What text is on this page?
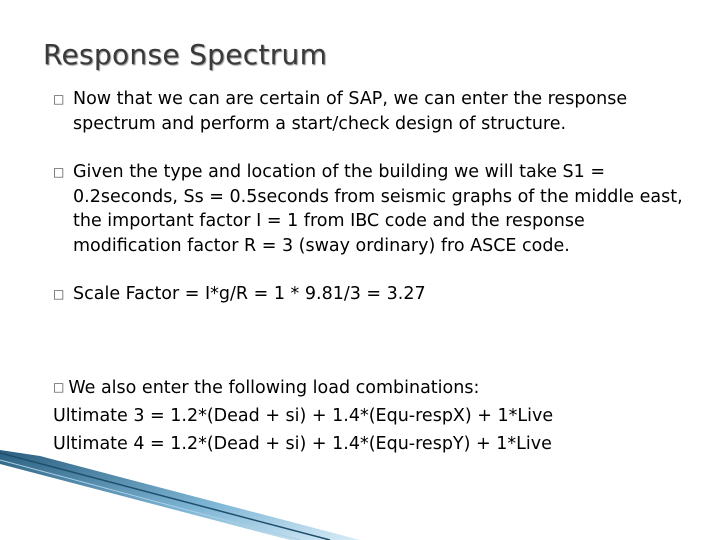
Response Spectrum
□ Now that we can are certain of SAP, we can enter the response spectrum and perform a start/check design of structure.
□ Given the type and location of the building we will take S1 = 0.2seconds, Ss = 0.5seconds from seismic graphs of the middle east, the important factor I = 1 from IBC code and the response modification factor R = 3 (sway ordinary) fro ASCE code.
□ Scale Factor = I*g/R = 1 * 9.81/3 = 3.27
□ We also enter the following load combinations:
Ultimate 3 = 1.2*(Dead + si) + 1.4*(Equ-respX) + 1*Live
Ultimate 4 = 1.2*(Dead + si) + 1.4*(Equ-respY) + 1*Live
